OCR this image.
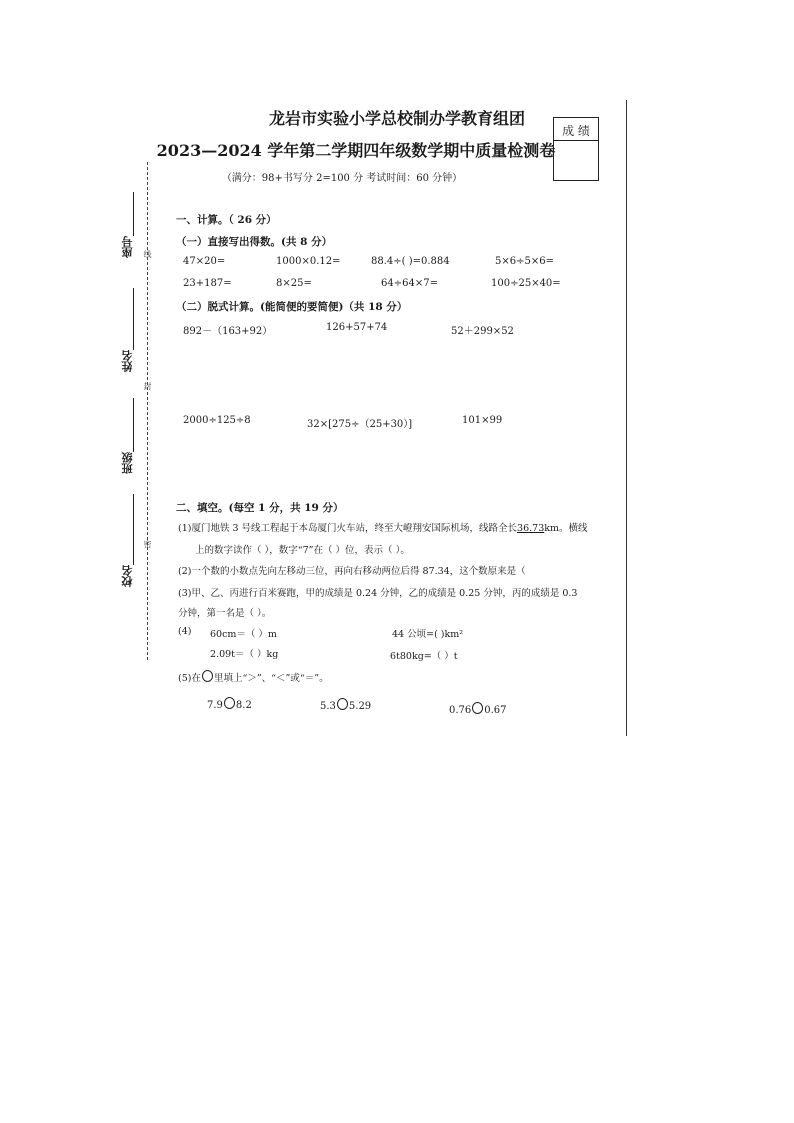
龙岩市实验小学总校制办学教育组团
2023—2024 学年第二学期四年级数学期中质量检测卷
（满分：98+书写分 2=100 分 考试时间：60 分钟）
成 绩
座号
姓名
班级
校名
线
封
密
一、计算。（ 26 分）
（一）直接写出得数。(共 8 分）
47×20=	1000×0.12=	88.4÷( )=0.884	5×6÷5×6=
23+187=	8×25=	64÷64×7=	100÷25×40=
（二）脱式计算。(能简便的要简便)（共 18 分）
892－（163+92）	126+57+74	52＋299×52
2000÷125÷8	32×[275÷（25+30）]	101×99
二、填空。(每空 1 分，共 19 分）
(1)厦门地铁 3 号线工程起于本岛厦门火车站，终至大嶝翔安国际机场，线路全长36.73km。横线
上的数字读作（ ），数字“7”在（ ）位，表示（ ）。
(2)一个数的小数点先向左移动三位，再向右移动两位后得 87.34，这个数原来是（
(3)甲、乙、丙进行百米赛跑，甲的成绩是 0.24 分钟，乙的成绩是 0.25 分钟，丙的成绩是 0.3
分钟，第一名是（ ）。
(4) 60cm＝（ ）m	44 公顷=( )km²
2.09t＝（ ）kg	6t80kg=（ ）t
(5)在 里填上“＞”、“＜”或“＝”。
7.9 8.2	5.3 5.29	0.76 0.67
